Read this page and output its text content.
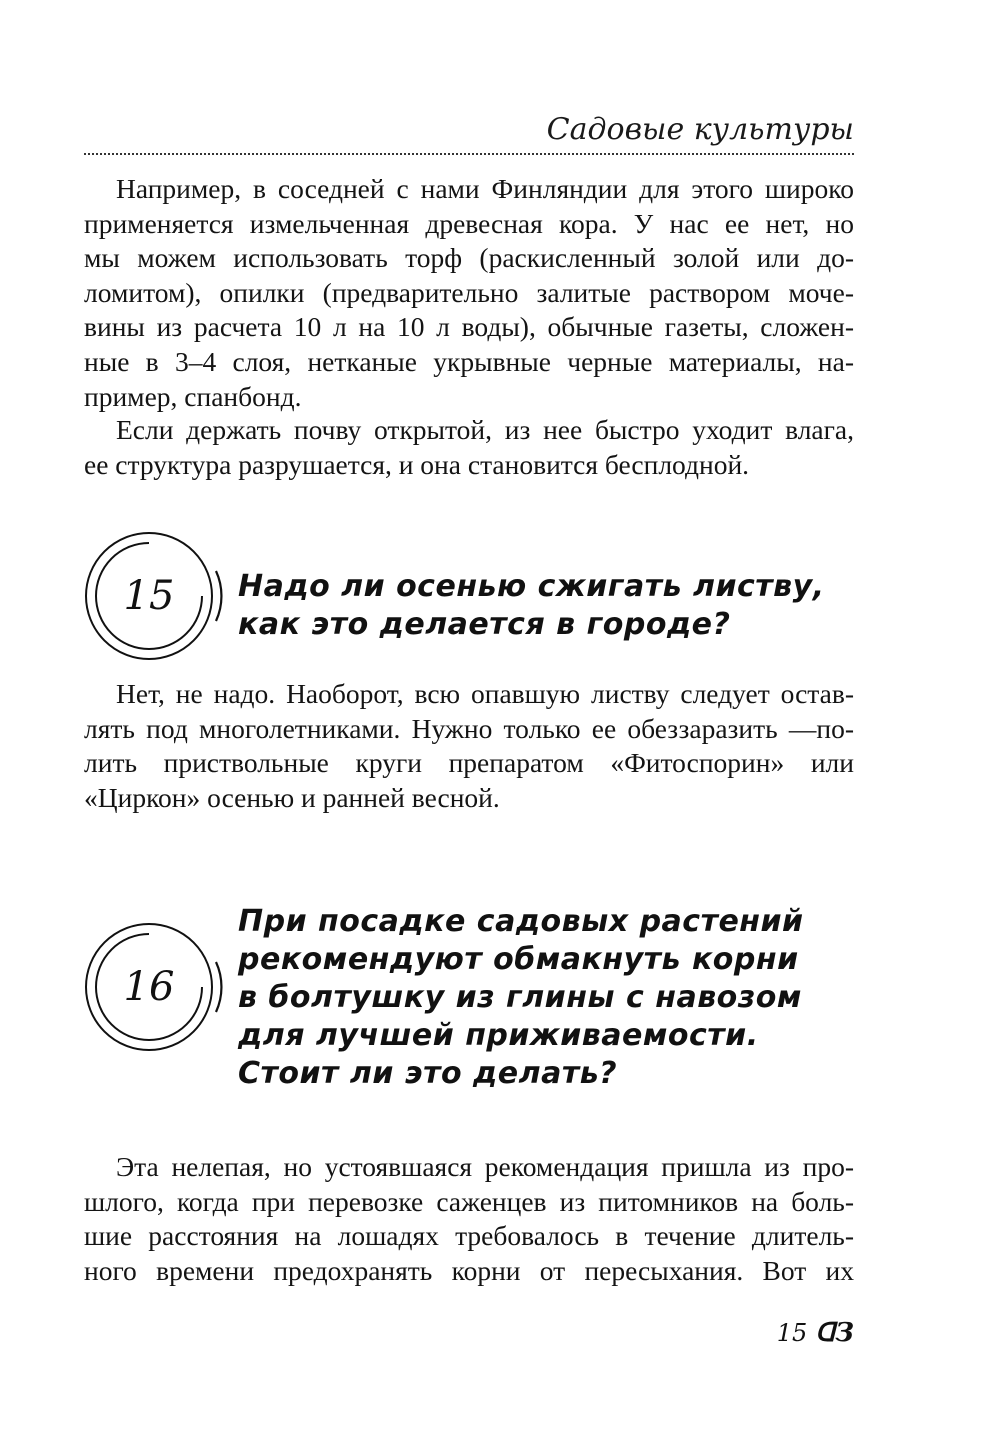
Садовые культуры
Например, в соседней с нами Финляндии для этого широко
применяется измельченная древесная кора. У нас ее нет, но
мы можем использовать торф (раскисленный золой или до-
ломитом), опилки (предварительно залитые раствором моче-
вины из расчета 10 л на 10 л воды), обычные газеты, сложен-
ные в 3–4 слоя, нетканые укрывные черные материалы, на-
пример, спанбонд.
Если держать почву открытой, из нее быстро уходит влага,
ее структура разрушается, и она становится бесплодной.
15	Надо ли осенью сжигать листву,
как это делается в городе?
Нет, не надо. Наоборот, всю опавшую листву следует остав-
лять под многолетниками. Нужно только ее обеззаразить —по-
лить приствольные круги препаратом «Фитоспорин» или
«Циркон» осенью и ранней весной.
16
При посадке садовых растений
рекомендуют обмакнуть корни
в болтушку из глины с навозом
для лучшей приживаемости.
Стоит ли это делать?
Эта нелепая, но устоявшаяся рекомендация пришла из про-
шлого, когда при перевозке саженцев из питомников на боль-
шие расстояния на лошадях требовалось в течение длитель-
ного времени предохранять корни от пересыхания. Вот их
15 ᗡЗ
